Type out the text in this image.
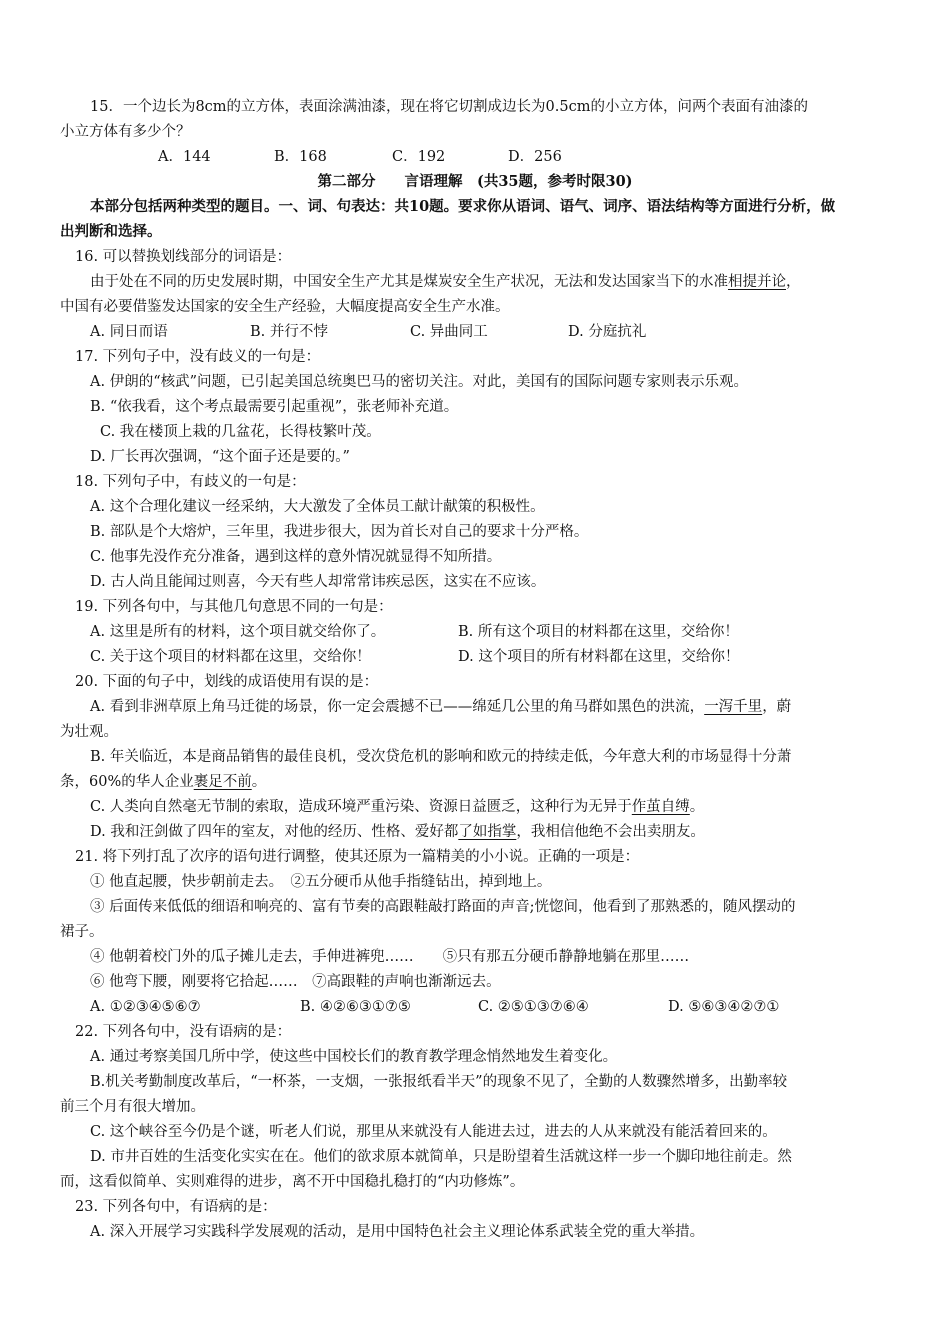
15．一个边长为8cm的立方体，表面涂满油漆，现在将它切割成边长为0.5cm的小立方体，问两个表面有油漆的
小立方体有多少个？
A．144	B．168	C．192	D．256
第二部分　　言语理解　(共35题，参考时限30)
本部分包括两种类型的题目。一、词、句表达：共10题。要求你从语词、语气、词序、语法结构等方面进行分析，做
出判断和选择。
16. 可以替换划线部分的词语是：
由于处在不同的历史发展时期，中国安全生产尤其是煤炭安全生产状况，无法和发达国家当下的水准相提并论，
中国有必要借鉴发达国家的安全生产经验，大幅度提高安全生产水准。
A. 同日而语	B. 并行不悖	C. 异曲同工	D. 分庭抗礼
17. 下列句子中，没有歧义的一句是：
A. 伊朗的“核武”问题，已引起美国总统奥巴马的密切关注。对此，美国有的国际问题专家则表示乐观。
B. “依我看，这个考点最需要引起重视”，张老师补充道。
C. 我在楼顶上栽的几盆花，长得枝繁叶茂。
D. 厂长再次强调，“这个面子还是要的。”
18. 下列句子中，有歧义的一句是：
A. 这个合理化建议一经采纳，大大激发了全体员工献计献策的积极性。
B. 部队是个大熔炉，三年里，我进步很大，因为首长对自己的要求十分严格。
C. 他事先没作充分准备，遇到这样的意外情况就显得不知所措。
D. 古人尚且能闻过则喜，今天有些人却常常讳疾忌医，这实在不应该。
19. 下列各句中，与其他几句意思不同的一句是：
A. 这里是所有的材料，这个项目就交给你了。	B. 所有这个项目的材料都在这里，交给你！
C. 关于这个项目的材料都在这里，交给你！	D. 这个项目的所有材料都在这里，交给你！
20. 下面的句子中，划线的成语使用有误的是：
A. 看到非洲草原上角马迁徙的场景，你一定会震撼不已——绵延几公里的角马群如黑色的洪流，一泻千里，蔚
为壮观。
B. 年关临近，本是商品销售的最佳良机，受次贷危机的影响和欧元的持续走低，今年意大利的市场显得十分萧
条，60%的华人企业裹足不前。
C. 人类向自然毫无节制的索取，造成环境严重污染、资源日益匮乏，这种行为无异于作茧自缚。
D. 我和汪剑做了四年的室友，对他的经历、性格、爱好都了如指掌，我相信他绝不会出卖朋友。
21. 将下列打乱了次序的语句进行调整，使其还原为一篇精美的小小说。正确的一项是：
① 他直起腰，快步朝前走去。　②五分硬币从他手指缝钻出，掉到地上。
③ 后面传来低低的细语和响亮的、富有节奏的高跟鞋敲打路面的声音;恍惚间，他看到了那熟悉的，随风摆动的
裙子。
④ 他朝着校门外的瓜子摊儿走去，手伸进裤兜……　　⑤只有那五分硬币静静地躺在那里……
⑥ 他弯下腰，刚要将它拾起……　⑦高跟鞋的声响也渐渐远去。
A. ①②③④⑤⑥⑦	B. ④②⑥③①⑦⑤	C. ②⑤①③⑦⑥④	D. ⑤⑥③④②⑦①
22. 下列各句中，没有语病的是：
A. 通过考察美国几所中学，使这些中国校长们的教育教学理念悄然地发生着变化。
B.机关考勤制度改革后，“一杯茶，一支烟，一张报纸看半天”的现象不见了，全勤的人数骤然增多，出勤率较
前三个月有很大增加。
C. 这个峡谷至今仍是个谜，听老人们说，那里从来就没有人能进去过，进去的人从来就没有能活着回来的。
D. 市井百姓的生活变化实实在在。他们的欲求原本就简单，只是盼望着生活就这样一步一个脚印地往前走。然
而，这看似简单、实则难得的进步，离不开中国稳扎稳打的“内功修炼”。
23. 下列各句中，有语病的是：
A. 深入开展学习实践科学发展观的活动，是用中国特色社会主义理论体系武装全党的重大举措。
